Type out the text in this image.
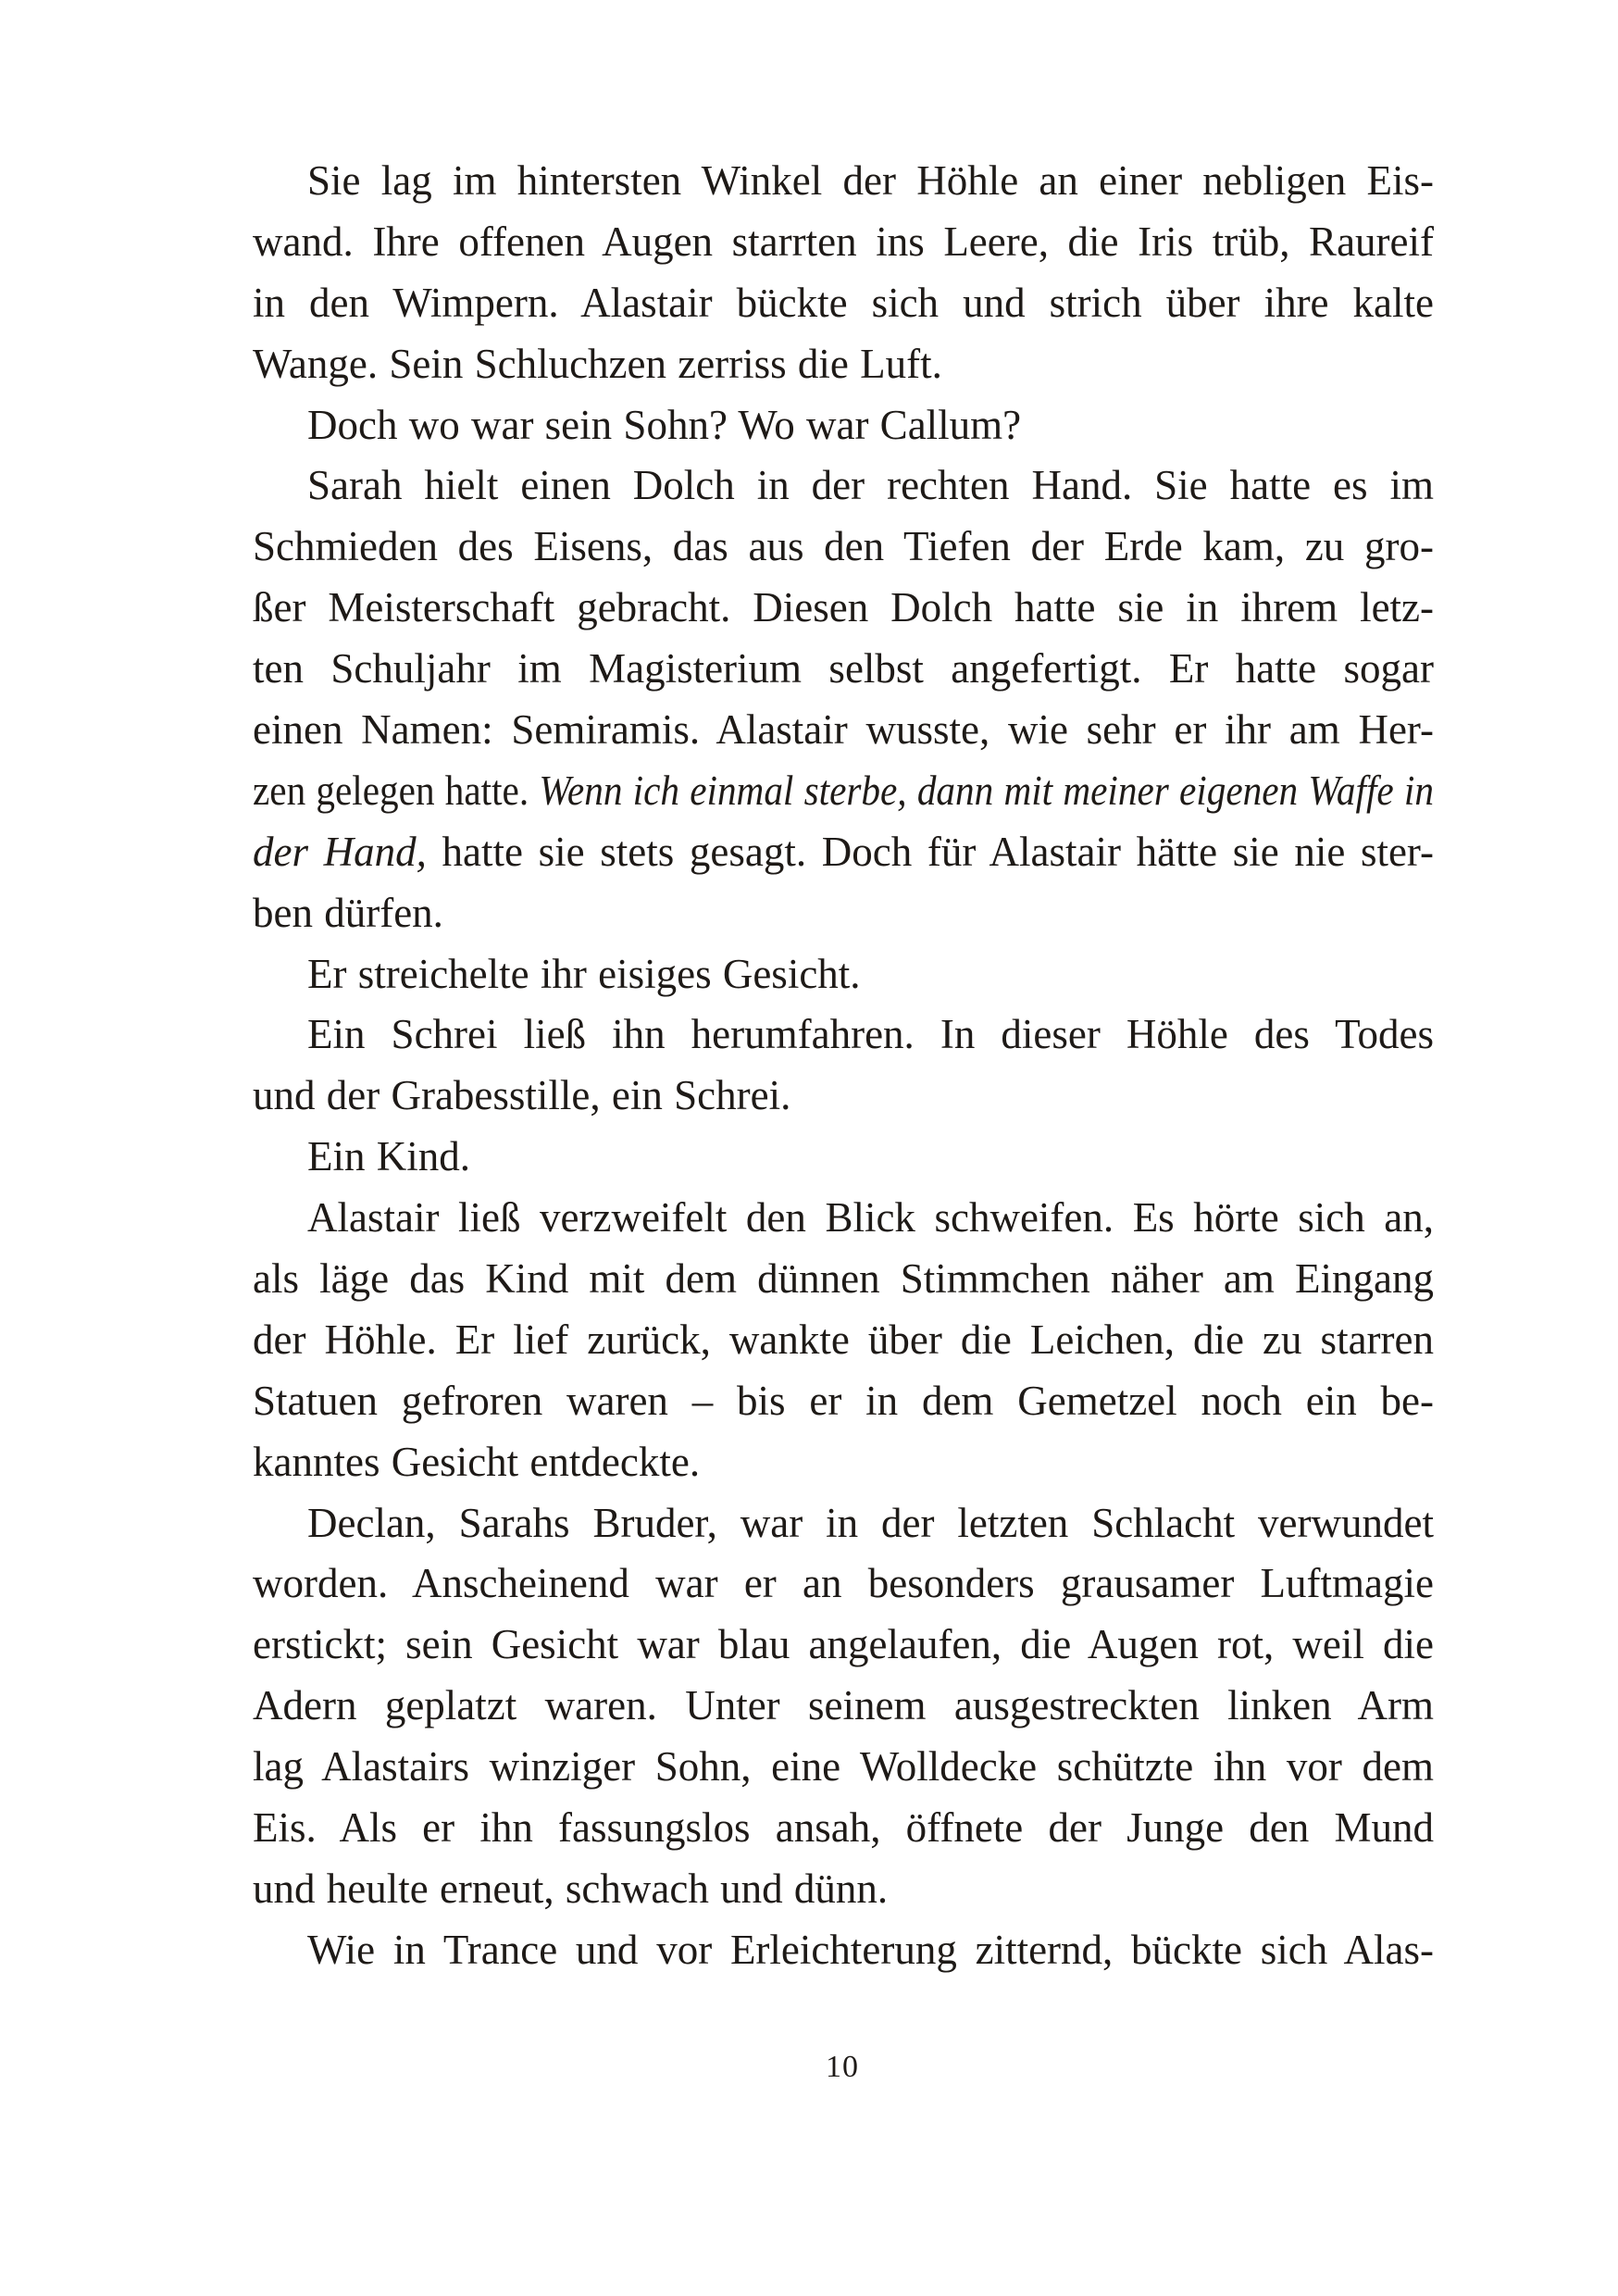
Sie lag im hintersten Winkel der Höhle an einer nebligen Eis-
wand. Ihre offenen Augen starrten ins Leere, die Iris trüb, Raureif
in den Wimpern. Alastair bückte sich und strich über ihre kalte
Wange. Sein Schluchzen zerriss die Luft.
Doch wo war sein Sohn? Wo war Callum?
Sarah hielt einen Dolch in der rechten Hand. Sie hatte es im
Schmieden des Eisens, das aus den Tiefen der Erde kam, zu gro-
ßer Meisterschaft gebracht. Diesen Dolch hatte sie in ihrem letz-
ten Schuljahr im Magisterium selbst angefertigt. Er hatte sogar
einen Namen: Semiramis. Alastair wusste, wie sehr er ihr am Her-
zen gelegen hatte. Wenn ich einmal sterbe, dann mit meiner eigenen Waffe in
der Hand, hatte sie stets gesagt. Doch für Alastair hätte sie nie ster-
ben dürfen.
Er streichelte ihr eisiges Gesicht.
Ein Schrei ließ ihn herumfahren. In dieser Höhle des Todes
und der Grabesstille, ein Schrei.
Ein Kind.
Alastair ließ verzweifelt den Blick schweifen. Es hörte sich an,
als läge das Kind mit dem dünnen Stimmchen näher am Eingang
der Höhle. Er lief zurück, wankte über die Leichen, die zu starren
Statuen gefroren waren – bis er in dem Gemetzel noch ein be-
kanntes Gesicht entdeckte.
Declan, Sarahs Bruder, war in der letzten Schlacht verwundet
worden. Anscheinend war er an besonders grausamer Luftmagie
erstickt; sein Gesicht war blau angelaufen, die Augen rot, weil die
Adern geplatzt waren. Unter seinem ausgestreckten linken Arm
lag Alastairs winziger Sohn, eine Wolldecke schützte ihn vor dem
Eis. Als er ihn fassungslos ansah, öffnete der Junge den Mund
und heulte erneut, schwach und dünn.
Wie in Trance und vor Erleichterung zitternd, bückte sich Alas-
10
